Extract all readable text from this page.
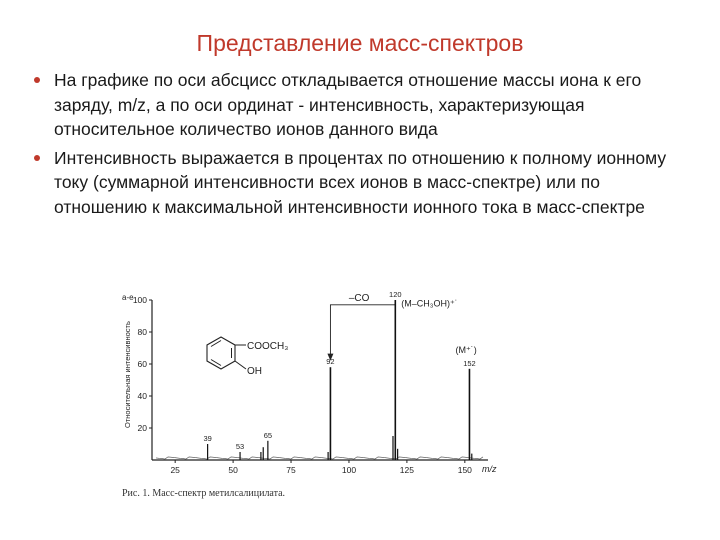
Представление масс-спектров
На графике по оси абсцисс откладывается отношение массы иона к его заряду, m/z, а по оси ординат - интенсивность, характеризующая относительное количество ионов данного вида
Интенсивность выражается в процентах по отношению к полному ионному току (суммарной интенсивности всех ионов в масс-спектре) или по отношению к максимальной интенсивности ионного тока в масс-спектре
а-е
Относительная интенсивность
m/z
COOCH₃
OH
–CO	(M–CH₃OH)⁺˙
(M⁺˙)
20
40
60
80
100
25	50	75	100	125	150
39
53
65
92
120
152
Рис. 1. Масс-спектр метилсалицилата.
